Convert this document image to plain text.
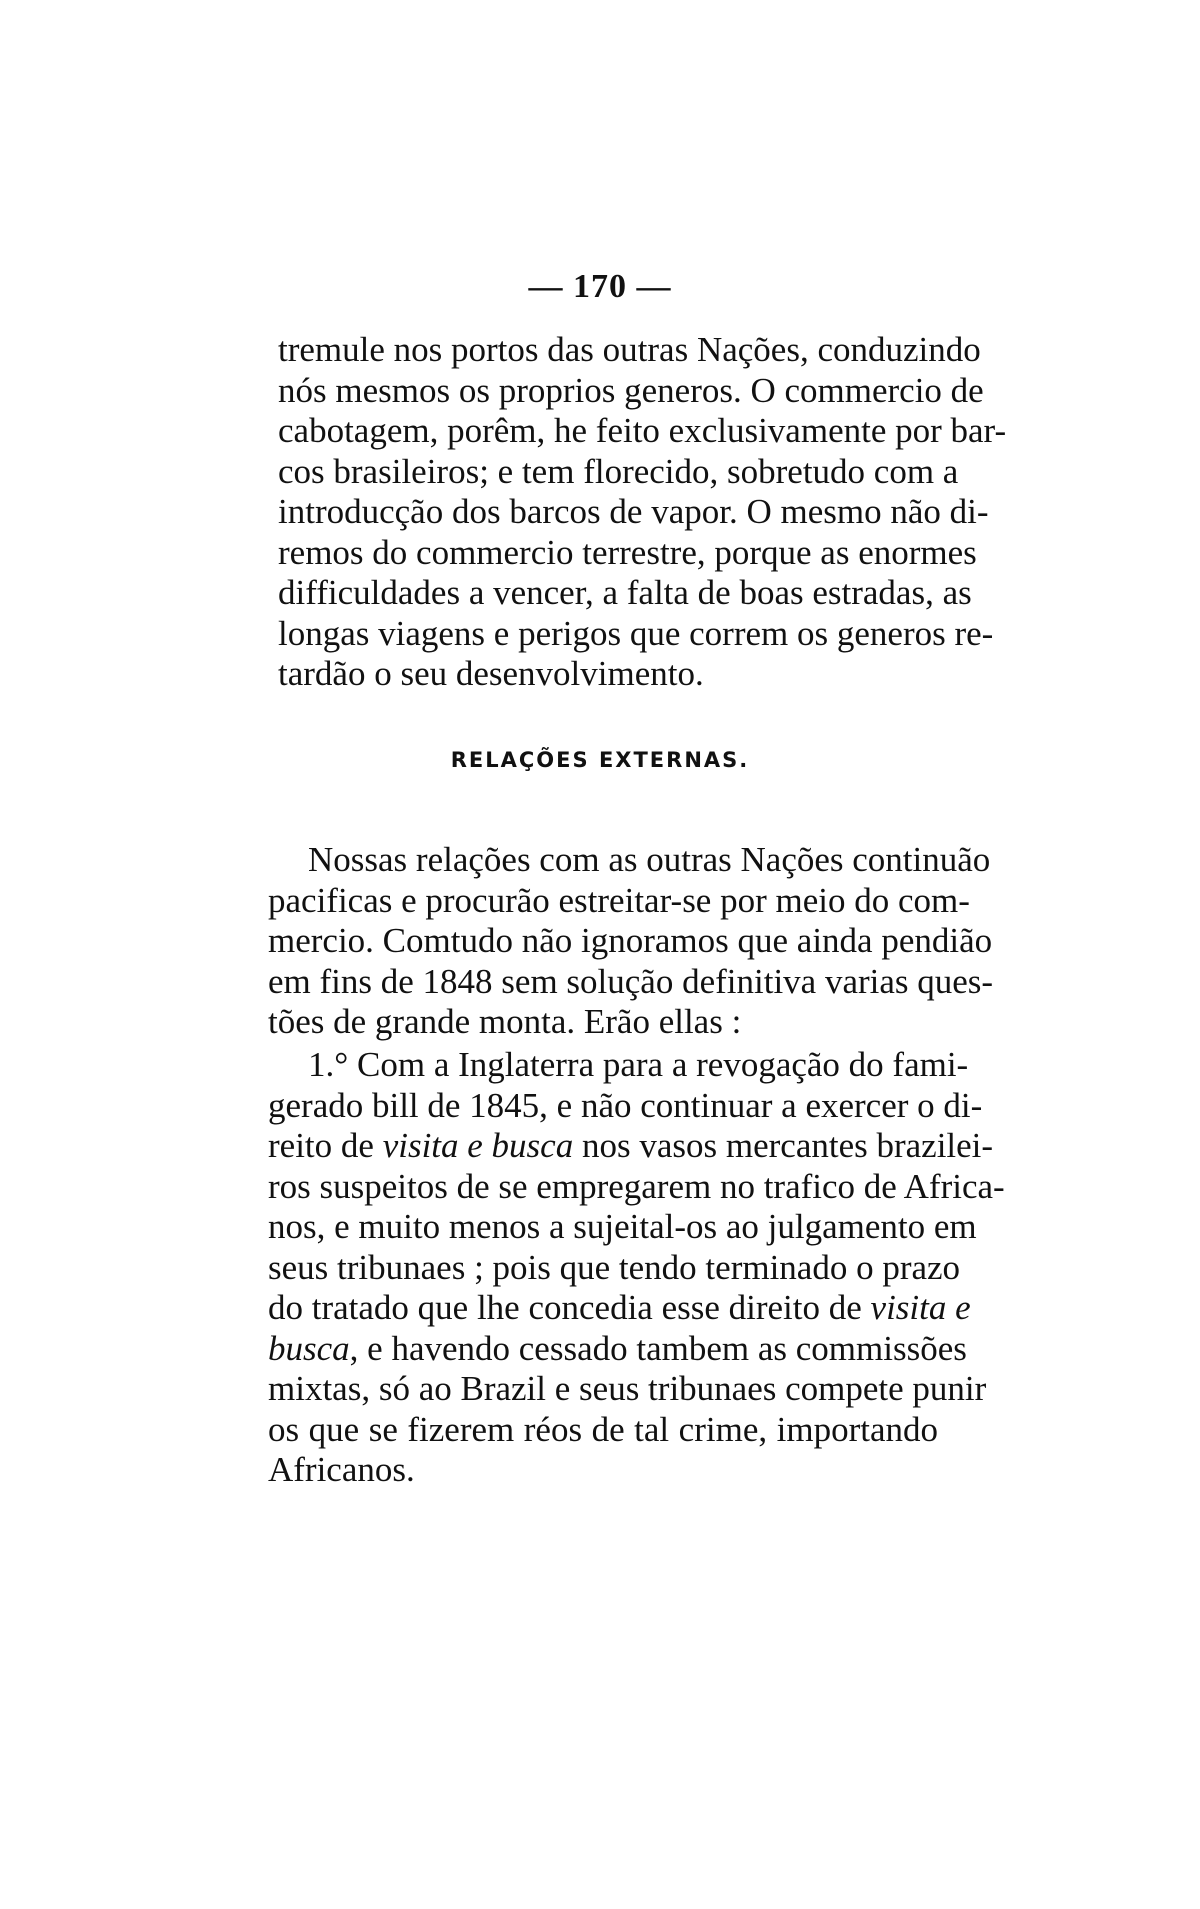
— 170 —
tremule nos portos das outras Nações, conduzindo
nós mesmos os proprios generos. O commercio de
cabotagem, porêm, he feito exclusivamente por bar-
cos brasileiros; e tem florecido, sobretudo com a
introducção dos barcos de vapor. O mesmo não di-
remos do commercio terrestre, porque as enormes
difficuldades a vencer, a falta de boas estradas, as
longas viagens e perigos que correm os generos re-
tardão o seu desenvolvimento.
RELAÇÕES EXTERNAS.
Nossas relações com as outras Nações continuão
pacificas e procurão estreitar-se por meio do com-
mercio. Comtudo não ignoramos que ainda pendião
em fins de 1848 sem solução definitiva varias ques-
tões de grande monta. Erão ellas :
1.° Com a Inglaterra para a revogação do fami-
gerado bill de 1845, e não continuar a exercer o di-
reito de visita e busca nos vasos mercantes brazilei-
ros suspeitos de se empregarem no trafico de Africa-
nos, e muito menos a sujeital-os ao julgamento em
seus tribunaes ; pois que tendo terminado o prazo
do tratado que lhe concedia esse direito de visita e
busca, e havendo cessado tambem as commissões
mixtas, só ao Brazil e seus tribunaes compete punir
os que se fizerem réos de tal crime, importando
Africanos.
